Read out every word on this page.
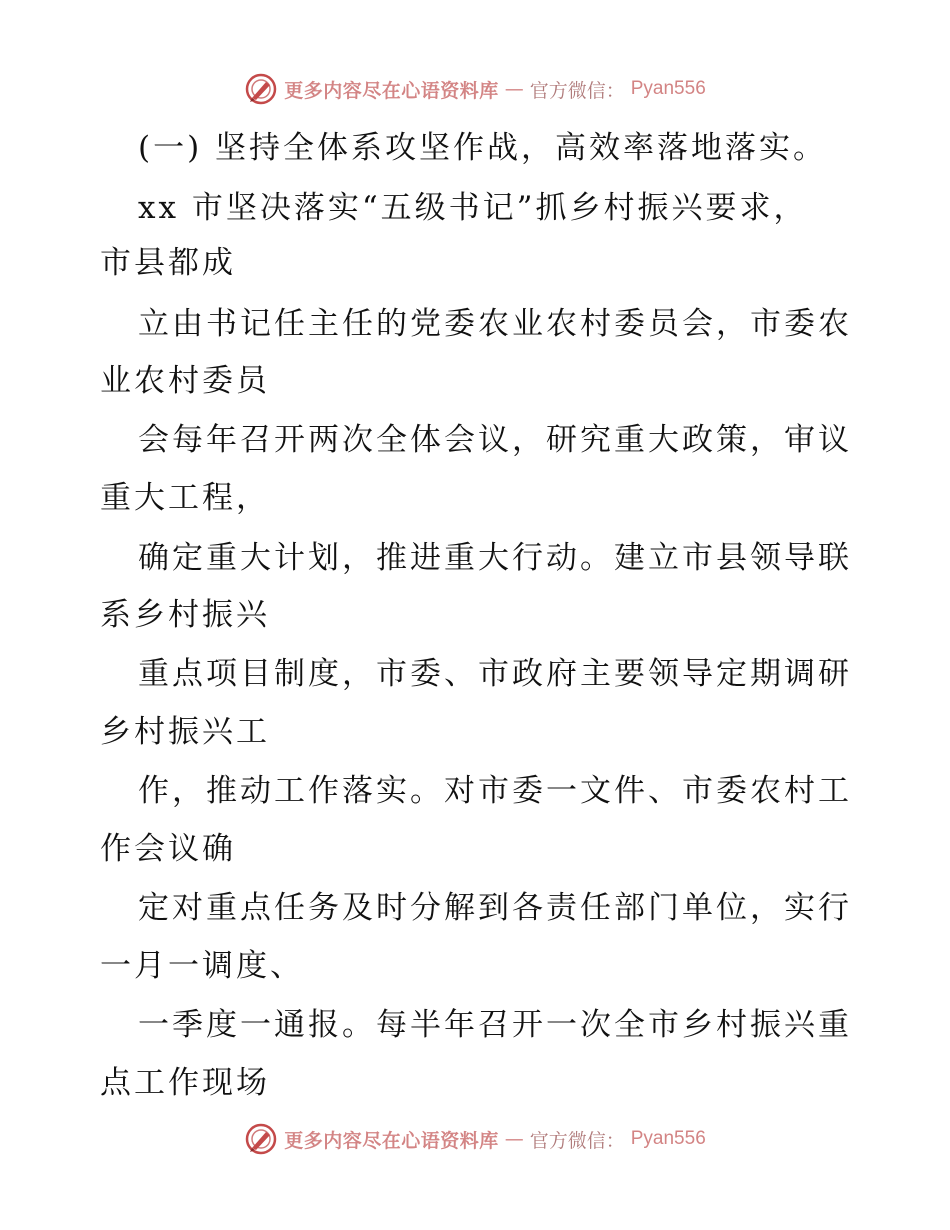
更多内容尽在心语资料库 — 官方微信： Pyan556
(一) 坚持全体系攻坚作战，高效率落地落实。
xx 市坚决落实“五级书记”抓乡村振兴要求，
市县都成
立由书记任主任的党委农业农村委员会，市委农
业农村委员
会每年召开两次全体会议，研究重大政策，审议
重大工程，
确定重大计划，推进重大行动。建立市县领导联
系乡村振兴
重点项目制度，市委、市政府主要领导定期调研
乡村振兴工
作，推动工作落实。对市委一文件、市委农村工
作会议确
定对重点任务及时分解到各责任部门单位，实行
一月一调度、
一季度一通报。每半年召开一次全市乡村振兴重
点工作现场
更多内容尽在心语资料库 — 官方微信： Pyan556
